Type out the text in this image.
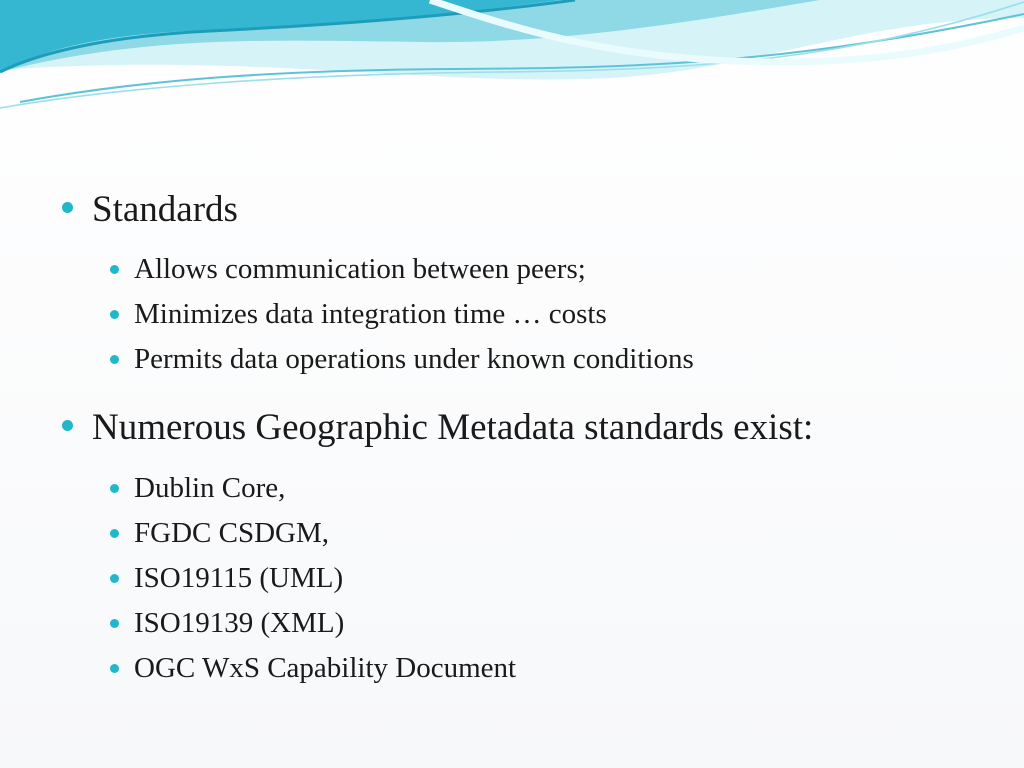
Standards

Allows communication between peers;

Minimizes data integration time … costs

Permits data operations under known conditions

Numerous Geographic Metadata standards exist:

Dublin Core,

FGDC CSDGM,

ISO19115 (UML)

ISO19139 (XML)

OGC WxS Capability Document
